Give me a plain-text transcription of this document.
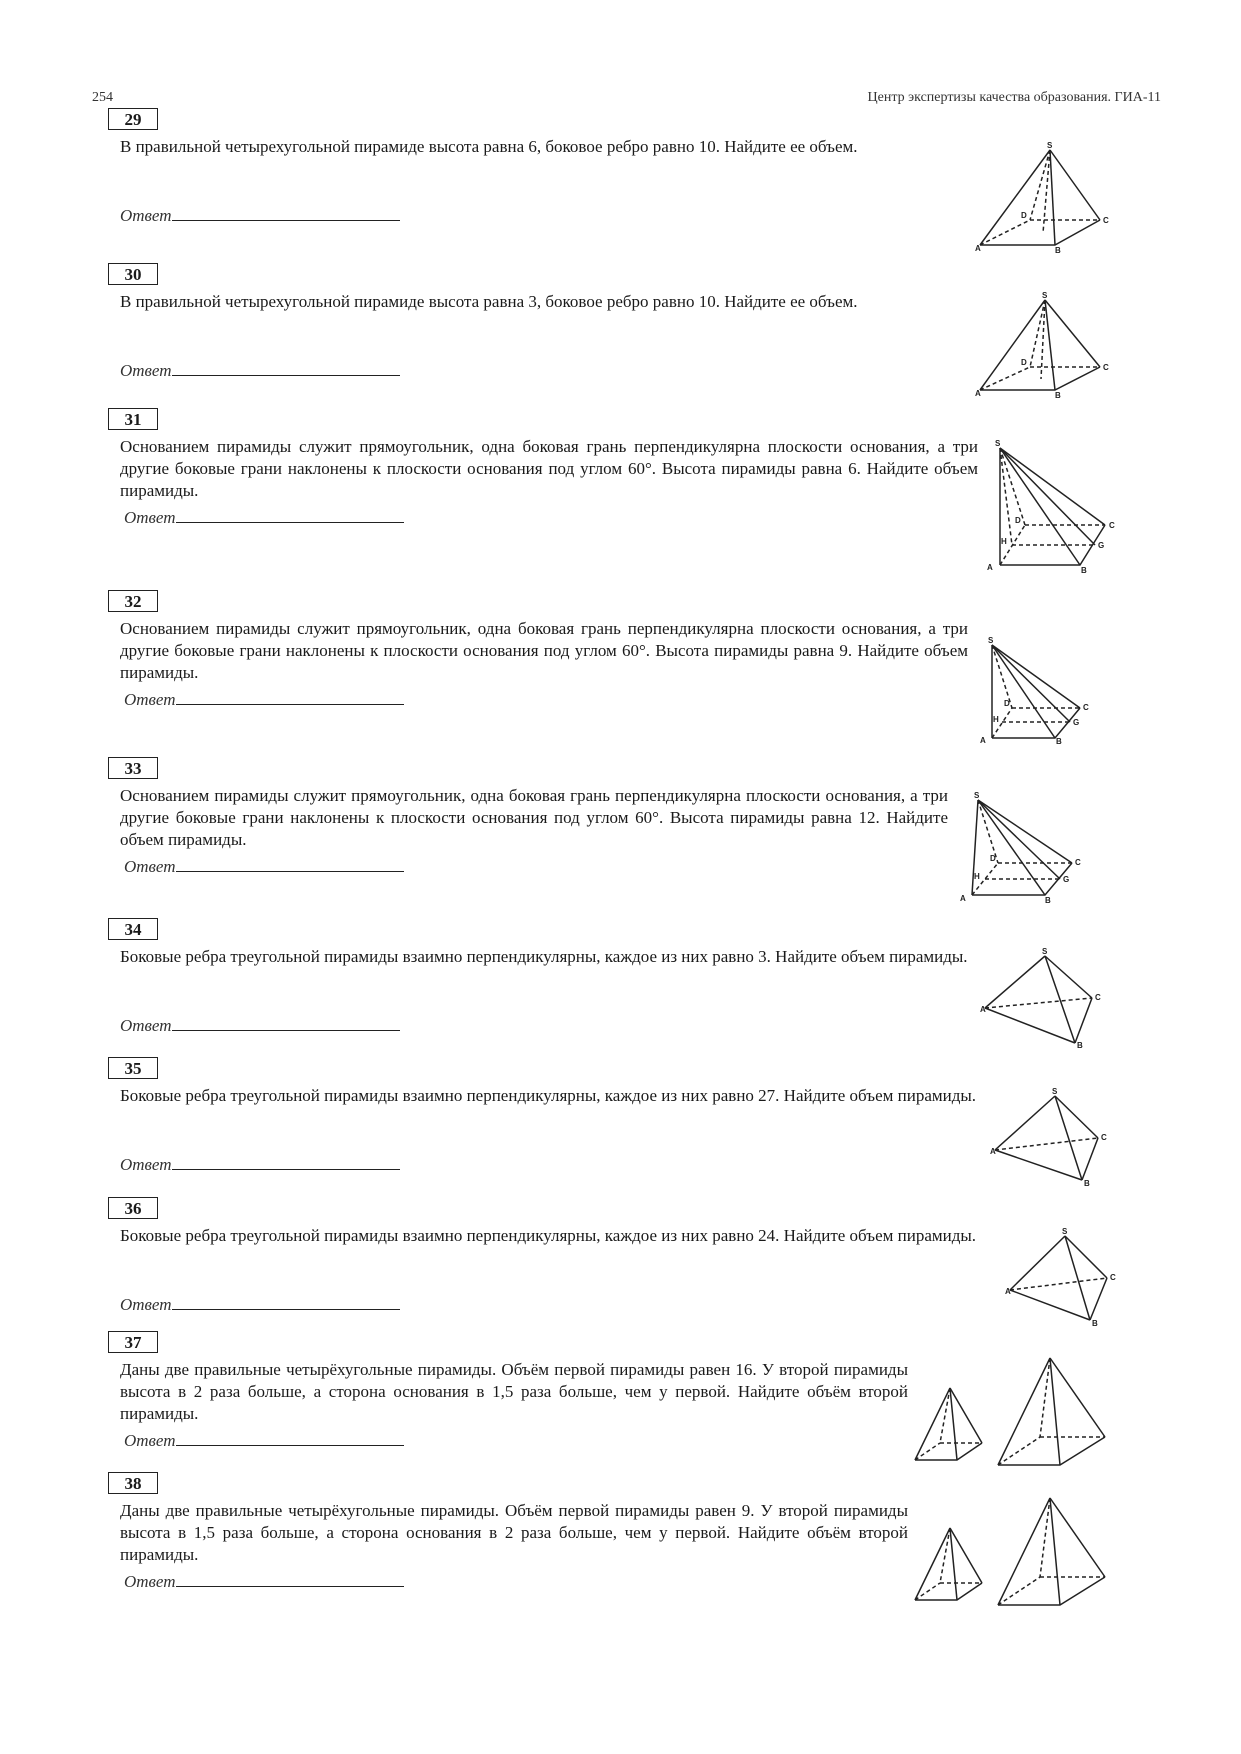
254	Центр экспертизы качества образования. ГИА-11
29
В правильной четырехугольной пирамиде высота равна 6, боковое ребро равно 10. Найдите ее объем.
Ответ
S
A	B
C
D
30
В правильной четырехугольной пирамиде высота равна 3, боковое ребро равно 10. Найдите ее объем.
Ответ
S
A	B
C
D
31
Основанием пирамиды служит прямоугольник, одна боковая грань перпендикулярна плоскости основания, а три другие боковые грани наклонены к плоскости основания под углом 60°. Высота пирамиды равна 6. Найдите объем пирамиды.
Ответ
S
A	B
C
D
H	G
32
Основанием пирамиды служит прямоугольник, одна боковая грань перпендикулярна плоскости основания, а три другие боковые грани наклонены к плоскости основания под углом 60°. Высота пирамиды равна 9. Найдите объем пирамиды.
Ответ
S
A	B
C
D
H	G
33
Основанием пирамиды служит прямоугольник, одна боковая грань перпендикулярна плоскости основания, а три другие боковые грани наклонены к плоскости основания под углом 60°. Высота пирамиды равна 12. Найдите объем пирамиды.
Ответ
S
A	B
C
D
H	G
34
Боковые ребра треугольной пирамиды взаимно перпендикулярны, каждое из них равно 3. Найдите объем пирамиды.
Ответ
S
A
B
C
35
Боковые ребра треугольной пирамиды взаимно перпендикулярны, каждое из них равно 27. Найдите объем пирамиды.
Ответ
S
A
B
C
36
Боковые ребра треугольной пирамиды взаимно перпендикулярны, каждое из них равно 24. Найдите объем пирамиды.
Ответ
S
A
B
C
37
Даны две правильные четырёхугольные пирамиды. Объём первой пирамиды равен 16. У второй пирамиды высота в 2 раза больше, а сторона основания в 1,5 раза больше, чем у первой. Найдите объём второй пирамиды.
Ответ
38
Даны две правильные четырёхугольные пирамиды. Объём первой пирамиды равен 9. У второй пирамиды высота в 1,5 раза больше, а сторона основания в 2 раза больше, чем у первой. Найдите объём второй пирамиды.
Ответ
